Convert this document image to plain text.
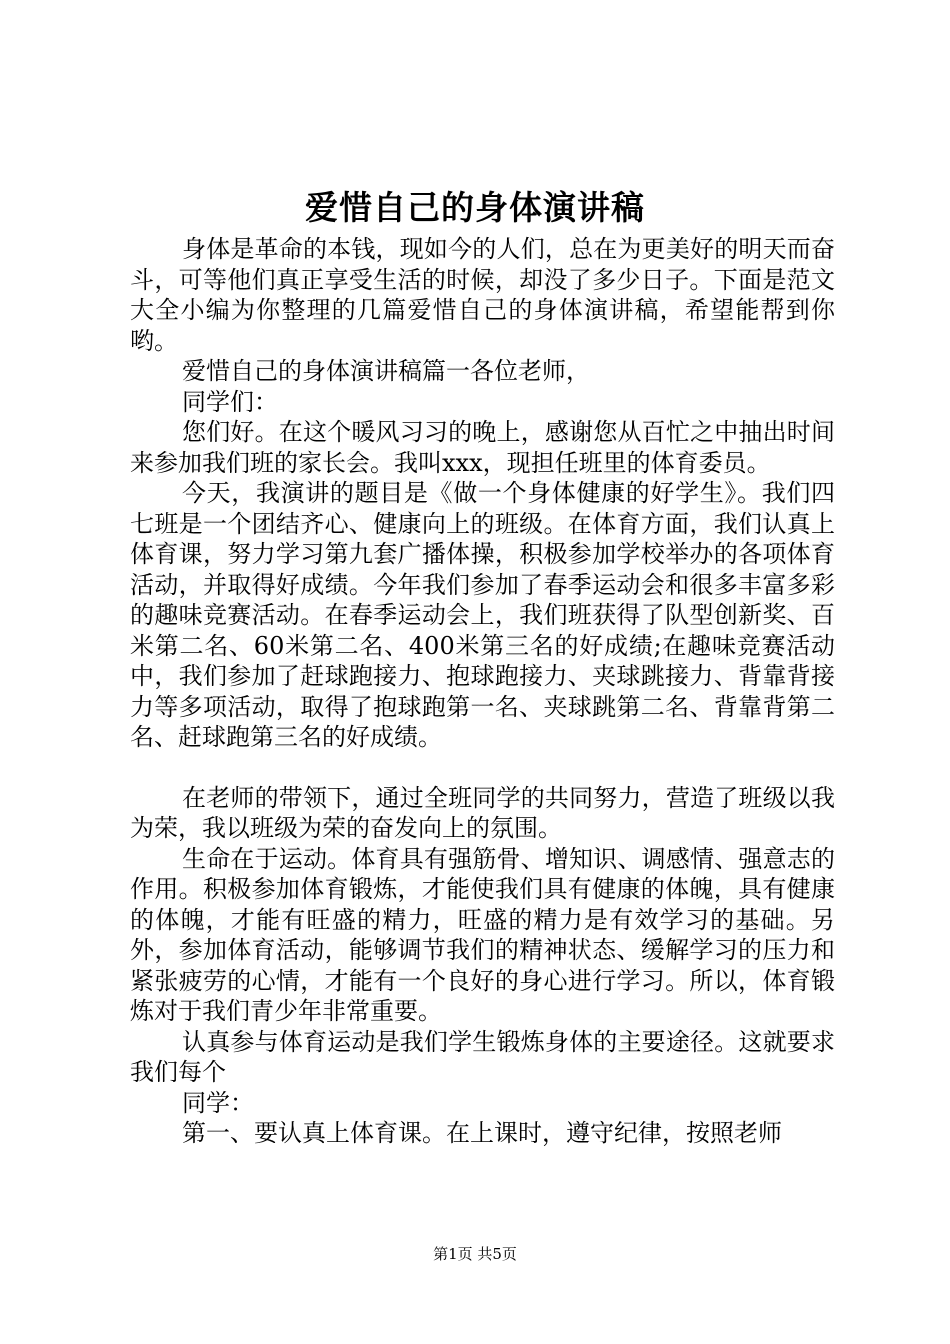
爱惜自己的身体演讲稿

身体是革命的本钱，现如今的人们，总在为更美好的明天而奋斗，可等他们真正享受生活的时候，却没了多少日子。下面是范文大全小编为你整理的几篇爱惜自己的身体演讲稿，希望能帮到你哟。

爱惜自己的身体演讲稿篇一各位老师，

同学们：

您们好。在这个暖风习习的晚上，感谢您从百忙之中抽出时间来参加我们班的家长会。我叫xxx，现担任班里的体育委员。

今天，我演讲的题目是《做一个身体健康的好学生》。我们四七班是一个团结齐心、健康向上的班级。在体育方面，我们认真上体育课，努力学习第九套广播体操，积极参加学校举办的各项体育活动，并取得好成绩。今年我们参加了春季运动会和很多丰富多彩的趣味竞赛活动。在春季运动会上，我们班获得了队型创新奖、百米第二名、60米第二名、400米第三名的好成绩;在趣味竞赛活动中，我们参加了赶球跑接力、抱球跑接力、夹球跳接力、背靠背接力等多项活动，取得了抱球跑第一名、夹球跳第二名、背靠背第二名、赶球跑第三名的好成绩。

在老师的带领下，通过全班同学的共同努力，营造了班级以我为荣，我以班级为荣的奋发向上的氛围。

生命在于运动。体育具有强筋骨、增知识、调感情、强意志的作用。积极参加体育锻炼，才能使我们具有健康的体魄，具有健康的体魄，才能有旺盛的精力，旺盛的精力是有效学习的基础。另外，参加体育活动，能够调节我们的精神状态、缓解学习的压力和紧张疲劳的心情，才能有一个良好的身心进行学习。所以，体育锻炼对于我们青少年非常重要。

认真参与体育运动是我们学生锻炼身体的主要途径。这就要求我们每个

同学：

第一、要认真上体育课。在上课时，遵守纪律，按照老师

第1页 共5页
